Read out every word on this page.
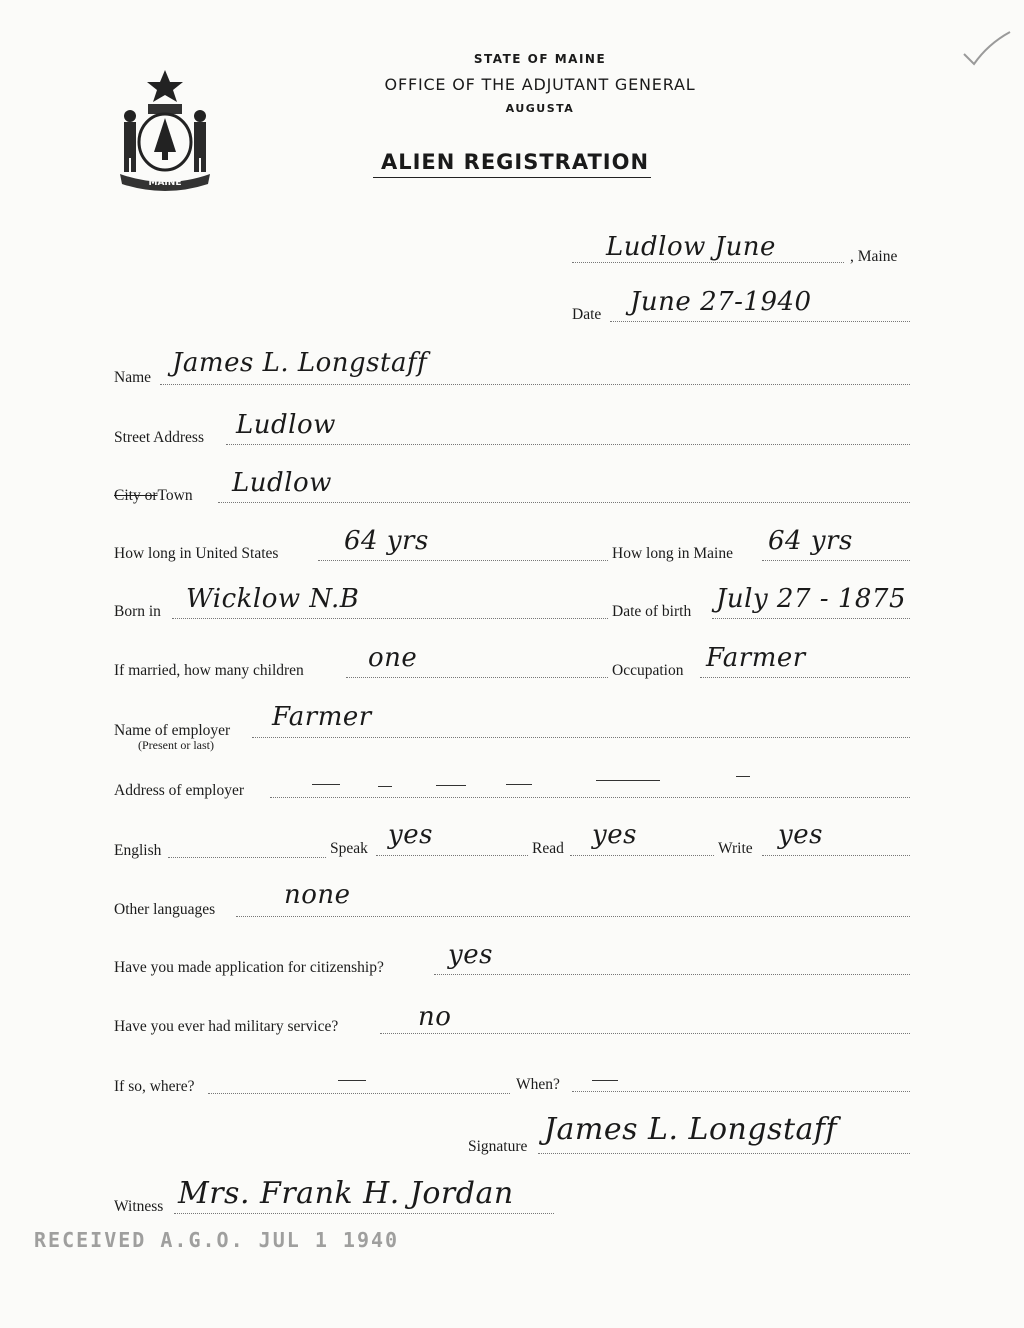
MAINE
STATE OF MAINE
OFFICE OF THE ADJUTANT GENERAL
AUGUSTA
ALIEN REGISTRATION
Ludlow June	, Maine
Date June 27-1940
Name James L. Longstaff
Street Address Ludlow
City orTown Ludlow
How long in United States	64 yrs	How long in Maine 64 yrs
Born in Wicklow N.B	Date of birth July 27 - 1875
If married, how many children one	Occupation Farmer
Name of employer
(Present or last)
Farmer
Address of employer
English	Speak yes	Read yes	Write yes
Other languages	none
Have you made application for citizenship? yes
Have you ever had military service?	no
If so, where?	When?
Signature James L. Longstaff
Witness Mrs. Frank H. Jordan
RECEIVED A.G.O. JUL 1 1940
